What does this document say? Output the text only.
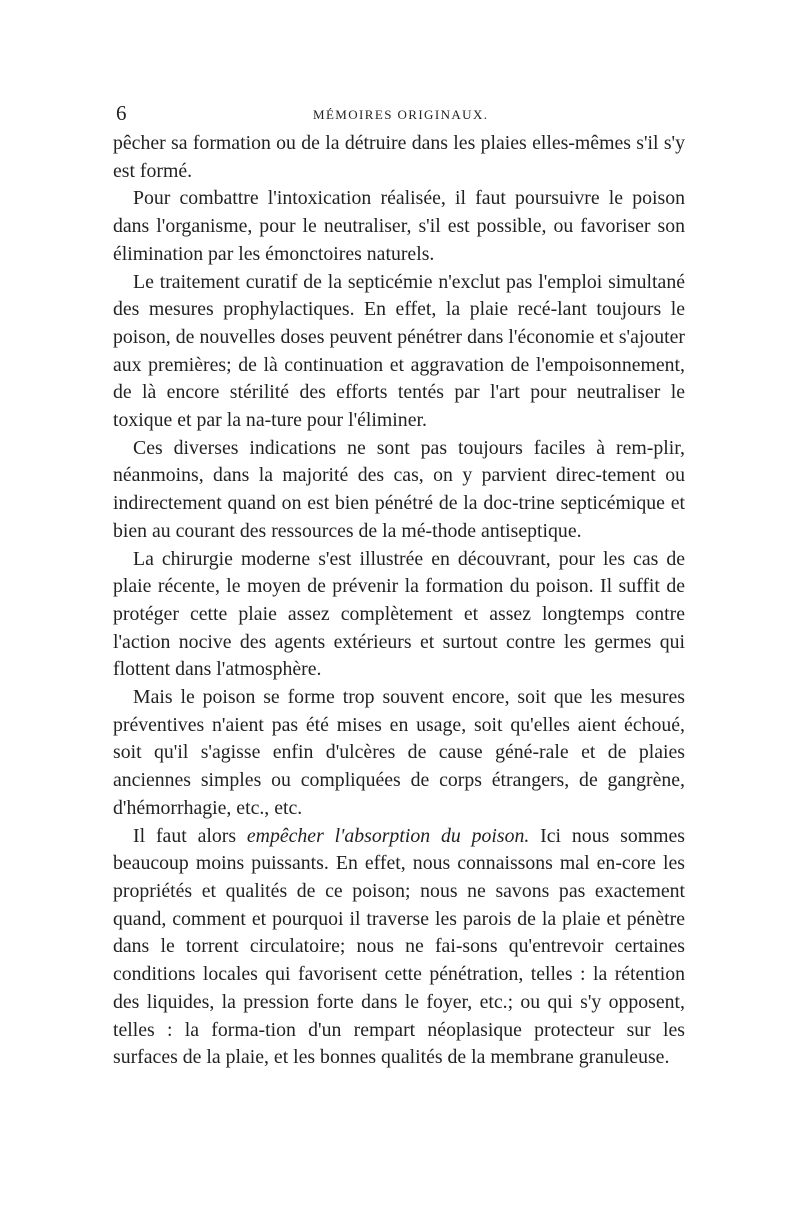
6	MÉMOIRES ORIGINAUX.

pêcher sa formation ou de la détruire dans les plaies elles-mêmes s'il s'y est formé.

Pour combattre l'intoxication réalisée, il faut poursuivre le poison dans l'organisme, pour le neutraliser, s'il est possible, ou favoriser son élimination par les émonctoires naturels.

Le traitement curatif de la septicémie n'exclut pas l'emploi simultané des mesures prophylactiques. En effet, la plaie recé-lant toujours le poison, de nouvelles doses peuvent pénétrer dans l'économie et s'ajouter aux premières; de là continuation et aggravation de l'empoisonnement, de là encore stérilité des efforts tentés par l'art pour neutraliser le toxique et par la na-ture pour l'éliminer.

Ces diverses indications ne sont pas toujours faciles à rem-plir, néanmoins, dans la majorité des cas, on y parvient direc-tement ou indirectement quand on est bien pénétré de la doc-trine septicémique et bien au courant des ressources de la mé-thode antiseptique.

La chirurgie moderne s'est illustrée en découvrant, pour les cas de plaie récente, le moyen de prévenir la formation du poison. Il suffit de protéger cette plaie assez complètement et assez longtemps contre l'action nocive des agents extérieurs et surtout contre les germes qui flottent dans l'atmosphère.

Mais le poison se forme trop souvent encore, soit que les mesures préventives n'aient pas été mises en usage, soit qu'elles aient échoué, soit qu'il s'agisse enfin d'ulcères de cause géné-rale et de plaies anciennes simples ou compliquées de corps étrangers, de gangrène, d'hémorrhagie, etc., etc.

Il faut alors empêcher l'absorption du poison. Ici nous sommes beaucoup moins puissants. En effet, nous connaissons mal en-core les propriétés et qualités de ce poison; nous ne savons pas exactement quand, comment et pourquoi il traverse les parois de la plaie et pénètre dans le torrent circulatoire; nous ne fai-sons qu'entrevoir certaines conditions locales qui favorisent cette pénétration, telles : la rétention des liquides, la pression forte dans le foyer, etc.; ou qui s'y opposent, telles : la forma-tion d'un rempart néoplasique protecteur sur les surfaces de la plaie, et les bonnes qualités de la membrane granuleuse.
